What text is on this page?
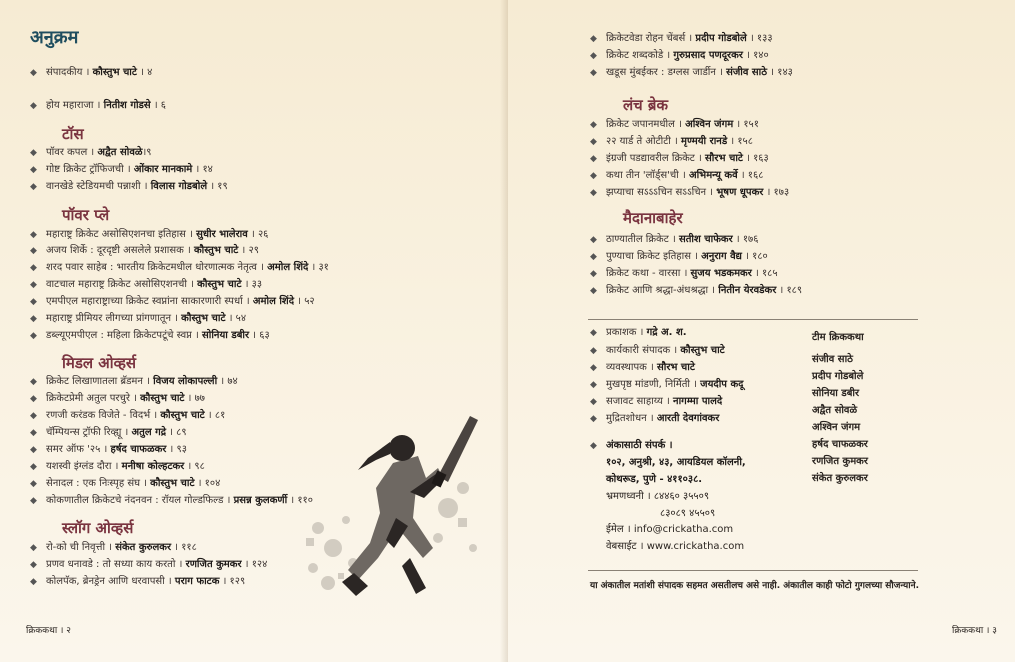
अनुक्रम
◆ संपादकीय । कौस्तुभ चाटे । ४
◆ होय महाराजा । नितीश गोडसे । ६
टॉस
◆ पॉवर कपल । अद्वैत सोवळे।९
◆ गोष्ट क्रिकेट ट्रॉफिजची । ओंकार मानकामे । १४
◆ वानखेडे स्टेडियमची पन्नाशी । विलास गोडबोले । १९
पॉवर प्ले
◆ महाराष्ट्र क्रिकेट असोसिएशनचा इतिहास । सुधीर भालेराव । २६
◆ अजय शिर्के : दूरदृष्टी असलेले प्रशासक । कौस्तुभ चाटे । २९
◆ शरद पवार साहेब : भारतीय क्रिकेटमधील धोरणात्मक नेतृत्व । अमोल शिंदे । ३१
◆ वाटचाल महाराष्ट्र क्रिकेट असोसिएशनची । कौस्तुभ चाटे । ३३
◆ एमपीएल महाराष्ट्राच्या क्रिकेट स्वप्नांना साकारणारी स्पर्धा । अमोल शिंदे । ५२
◆ महाराष्ट्र प्रीमियर लीगच्या प्रांगणातून । कौस्तुभ चाटे । ५४
◆ डब्ल्यूएमपीएल : महिला क्रिकेटपटूंचे स्वप्न । सोनिया डबीर । ६३
मिडल ओव्हर्स
◆ क्रिकेट लिखाणातला ब्रॅडमन । विजय लोकापल्ली । ७४
◆ क्रिकेटप्रेमी अतुल परचुरे । कौस्तुभ चाटे । ७७
◆ रणजी करंडक विजेते - विदर्भ । कौस्तुभ चाटे । ८१
◆ चॅम्पियन्स ट्रॉफी रिव्ह्यू । अतुल गद्रे । ८९
◆ समर ऑफ '२५ । हर्षद चाफळकर । ९३
◆ यशस्वी इंग्लंड दौरा । मनीषा कोल्हटकर । ९८
◆ सेनादल : एक निःस्पृह संघ । कौस्तुभ चाटे । १०४
◆ कोकणातील क्रिकेटचे नंदनवन : रॉयल गोल्डफिल्ड । प्रसन्न कुलकर्णी । ११०
स्लॉग ओव्हर्स
◆ रो-को ची निवृत्ती । संकेत कुरुलकर । ११८
◆ प्रणव धनावडे : तो सध्या काय करतो । रणजित कुमकर । १२४
◆ कोलपॅक, ब्रेनड्रेन आणि धरवापसी । पराग फाटक । १२९
क्रिककथा । २
◆ क्रिकेटवेडा रोहन चेंबर्स । प्रदीप गोडबोले । १३३
◆ क्रिकेट शब्दकोडे । गुरुप्रसाद पणदूरकर । १४०
◆ खडूस मुंबईकर : डग्लस जार्डीन । संजीव साठे । १४३
लंच ब्रेक
◆ क्रिकेट जपानमधील । अश्विन जंगम । १५१
◆ २२ यार्ड ते ओटीटी । मृण्मयी रानडे । १५८
◆ इंग्रजी पडद्यावरील क्रिकेट । सौरभ चाटे । १६३
◆ कथा तीन 'लॉर्ड्स'ची । अभिमन्यू कर्वे । १६८
◆ झप्याचा सऽऽऽचिन सऽऽचिन । भूषण धूपकर । १७३
मैदानाबाहेर
◆ ठाण्यातील क्रिकेट । सतीश चाफेकर । १७६
◆ पुण्याचा क्रिकेट इतिहास । अनुराग वैद्य । १८०
◆ क्रिकेट कथा - वारसा । सुजय भडकमकर । १८५
◆ क्रिकेट आणि श्रद्धा-अंधश्रद्धा । नितीन येरवडेकर । १८९
◆ प्रकाशक । गद्रे अ. श.
◆ कार्यकारी संपादक । कौस्तुभ चाटे
◆ व्यवस्थापक । सौरभ चाटे
◆ मुखपृष्ठ मांडणी, निर्मिती । जयदीप कदू
◆ सजावट साहाय्य । नागम्मा पालदे
◆ मुद्रितशोधन । आरती देवगांवकर
◆ अंकासाठी संपर्क ।
१०२, अनुश्री, ४३, आयडियल कॉलनी,
कोथरूड, पुणे - ४११०३८.
भ्रमणध्वनी । ८४४६० ३५५०९
८३०८९ ४५५०९
ईमेल । info@crickatha.com
वेबसाईट । www.crickatha.com
टीम क्रिककथा
संजीव साठे
प्रदीप गोडबोले
सोनिया डबीर
अद्वैत सोवळे
अश्विन जंगम
हर्षद चाफळकर
रणजित कुमकर
संकेत कुरुलकर
या अंकातील मतांशी संपादक सहमत असतीलच असे नाही. अंकातील काही फोटो गुगलच्या सौजन्याने.
क्रिककथा । ३
